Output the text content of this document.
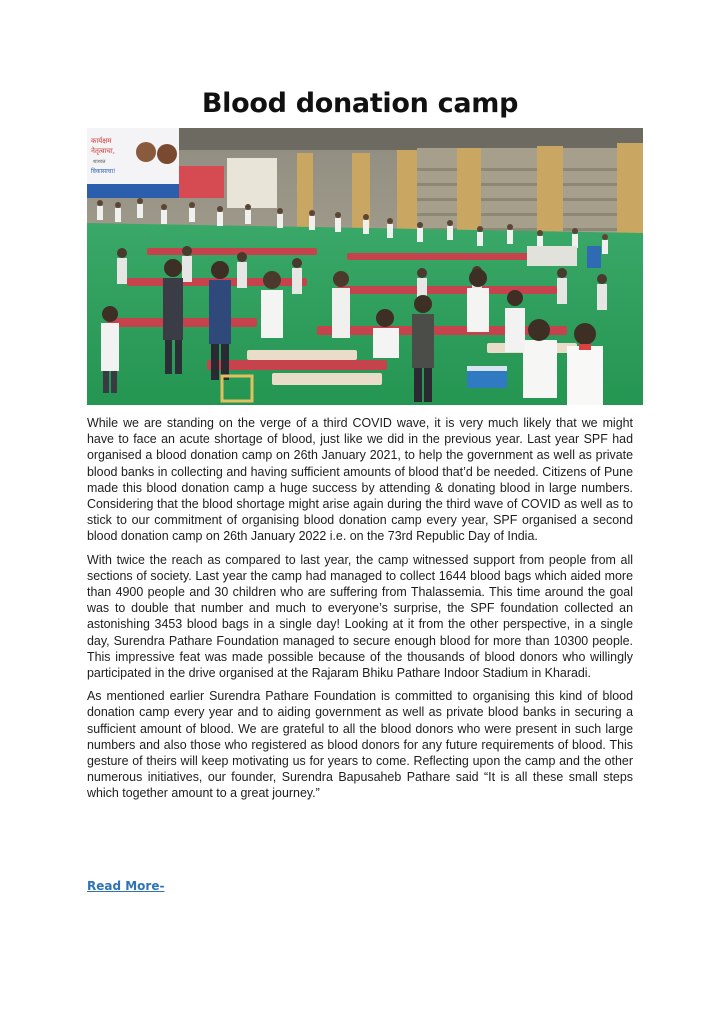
Blood donation camp
कार्यक्षम
नेतृत्वाचा,
शाश्वत
विकासाचा!

While we are standing on the verge of a third COVID wave, it is very much likely that we might have to face an acute shortage of blood, just like we did in the previous year. Last year SPF had organised a blood donation camp on 26th January 2021, to help the government as well as private blood banks in collecting and having sufficient amounts of blood that’d be needed. Citizens of Pune made this blood donation camp a huge success by attending & donating blood in large numbers. Considering that the blood shortage might arise again during the third wave of COVID as well as to stick to our commitment of organising blood donation camp every year, SPF organised a second blood donation camp on 26th January 2022 i.e. on the 73rd Republic Day of India.

With twice the reach as compared to last year, the camp witnessed support from people from all sections of society. Last year the camp had managed to collect 1644 blood bags which aided more than 4900 people and 30 children who are suffering from Thalassemia. This time around the goal was to double that number and much to everyone’s surprise, the SPF foundation collected an astonishing 3453 blood bags in a single day! Looking at it from the other perspective, in a single day, Surendra Pathare Foundation managed to secure enough blood for more than 10300 people. This impressive feat was made possible because of the thousands of blood donors who willingly participated in the drive organised at the Rajaram Bhiku Pathare Indoor Stadium in Kharadi.

As mentioned earlier Surendra Pathare Foundation is committed to organising this kind of blood donation camp every year and to aiding government as well as private blood banks in securing a sufficient amount of blood. We are grateful to all the blood donors who were present in such large numbers and also those who registered as blood donors for any future requirements of blood. This gesture of theirs will keep motivating us for years to come. Reflecting upon the camp and the other numerous initiatives, our founder, Surendra Bapusaheb Pathare said “It is all these small steps which together amount to a great journey.”

Read More-
